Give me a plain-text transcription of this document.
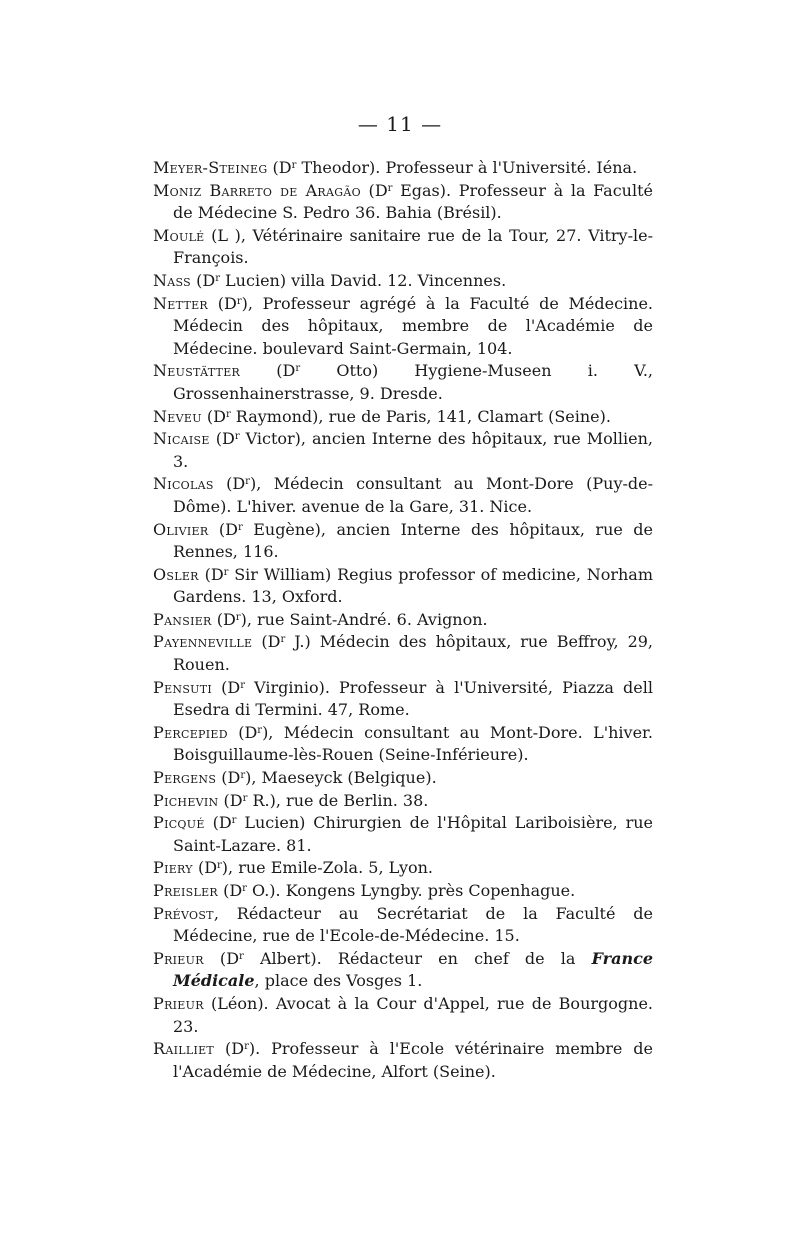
— 11 —

Meyer-Steineg ($D^r$ Theodor). Professeur à l'Université. Iéna.

Moniz Barreto de Aragão ($D^r$ Egas). Professeur à la Faculté de Médecine S. Pedro 36. Bahia (Brésil).

Moulé (L ), Vétérinaire sanitaire rue de la Tour, 27. Vitry-le-François.

Nass ($D^r$ Lucien) villa David. 12. Vincennes.

Netter $(D^r)$, Professeur agrégé à la Faculté de Médecine. Médecin des hôpitaux, membre de l'Académie de Médecine. boulevard Saint-Germain, 104.

Neustätter ($D^r$ Otto) Hygiene-Museen i. V., Grossenhainerstrasse, 9. Dresde.

Neveu ($D^r$ Raymond), rue de Paris, 141, Clamart (Seine).

Nicaise ($D^r$ Victor), ancien Interne des hôpitaux, rue Mollien, 3.

Nicolas $(D^r)$, Médecin consultant au Mont-Dore (Puy-de-Dôme). L'hiver. avenue de la Gare, 31. Nice.

Olivier ($D^r$ Eugène), ancien Interne des hôpitaux, rue de Rennes, 116.

Osler ($D^r$ Sir William) Regius professor of medicine, Norham Gardens. 13, Oxford.

Pansier $(D^r)$, rue Saint-André. 6. Avignon.

Payenneville ($D^r$ J.) Médecin des hôpitaux, rue Beffroy, 29, Rouen.

Pensuti ($D^r$ Virginio). Professeur à l'Université, Piazza dell Esedra di Termini. 47, Rome.

Percepied $(D^r)$, Médecin consultant au Mont-Dore. L'hiver. Boisguillaume-lès-Rouen (Seine-Inférieure).

Pergens $(D^r)$, Maeseyck (Belgique).

Pichevin ($D^r$ R.), rue de Berlin. 38.

Picqué ($D^r$ Lucien) Chirurgien de l'Hôpital Lariboisière, rue Saint-Lazare. 81.

Piery $(D^r)$, rue Emile-Zola. 5, Lyon.

Preisler ($D^r$ O.). Kongens Lyngby. près Copenhague.

Prévost, Rédacteur au Secrétariat de la Faculté de Médecine, rue de l'Ecole-de-Médecine. 15.

Prieur ($D^r$ Albert). Rédacteur en chef de la France Médicale, place des Vosges 1.

Prieur (Léon). Avocat à la Cour d'Appel, rue de Bourgogne. 23.

Railliet $(D^r)$. Professeur à l'Ecole vétérinaire membre de l'Académie de Médecine, Alfort (Seine).
